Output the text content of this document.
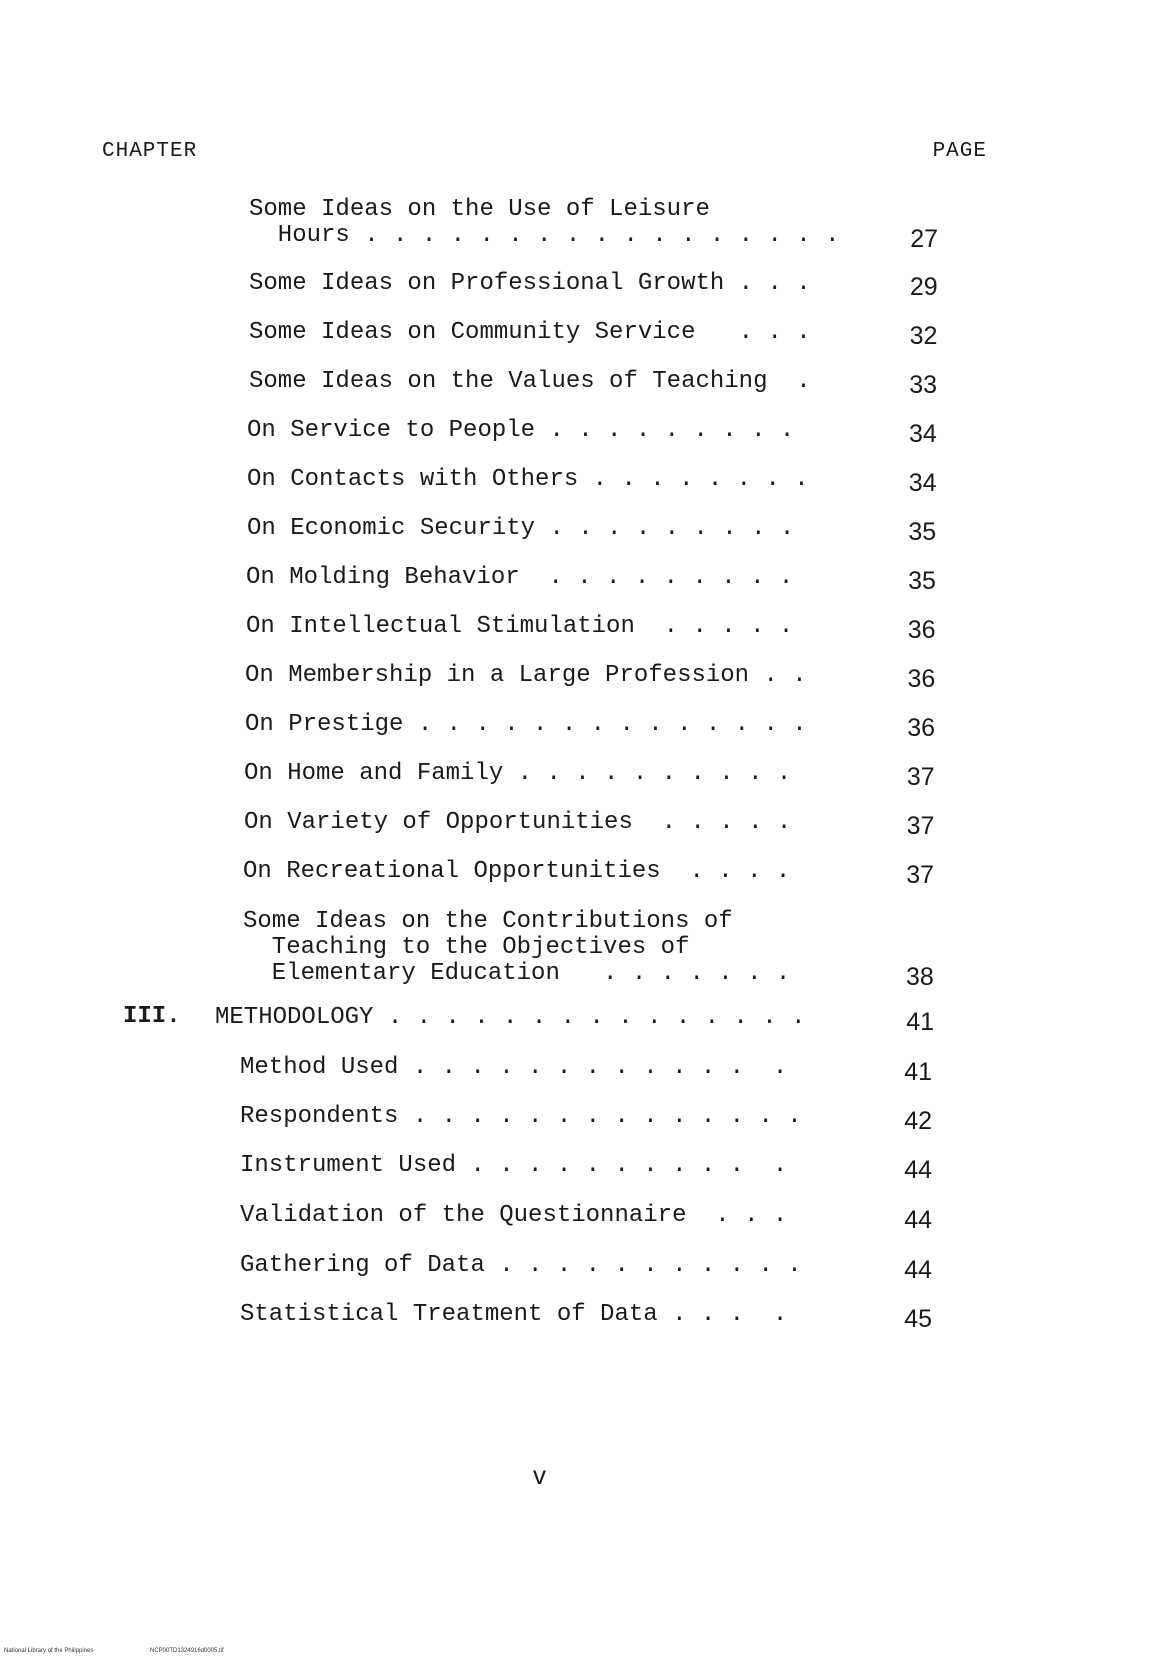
CHAPTER	PAGE
Some Ideas on the Use of Leisure
Hours . . . . . . . . . . . . . . . . .	27
Some Ideas on Professional Growth . . .	29
Some Ideas on Community Service   . . .	32
Some Ideas on the Values of Teaching  .	33
On Service to People . . . . . . . . .	34
On Contacts with Others . . . . . . . .	34
On Economic Security . . . . . . . . .	35
On Molding Behavior  . . . . . . . . .	35
On Intellectual Stimulation  . . . . .	36
On Membership in a Large Profession . .	36
On Prestige . . . . . . . . . . . . . .	36
On Home and Family . . . . . . . . . .	37
On Variety of Opportunities  . . . . .	37
On Recreational Opportunities  . . . .	37
Some Ideas on the Contributions of
Teaching to the Objectives of
Elementary Education   . . . . . . .	38
III. METHODOLOGY . . . . . . . . . . . . . . .	41
Method Used . . . . . . . . . . . .  .	41
Respondents . . . . . . . . . . . . . .	42
Instrument Used . . . . . . . . . .  .	44
Validation of the Questionnaire  . . .	44
Gathering of Data . . . . . . . . . . .	44
Statistical Treatment of Data . . .  .	45
v
National Library of the Philippines	NCP00TD1324916d0005.tif
